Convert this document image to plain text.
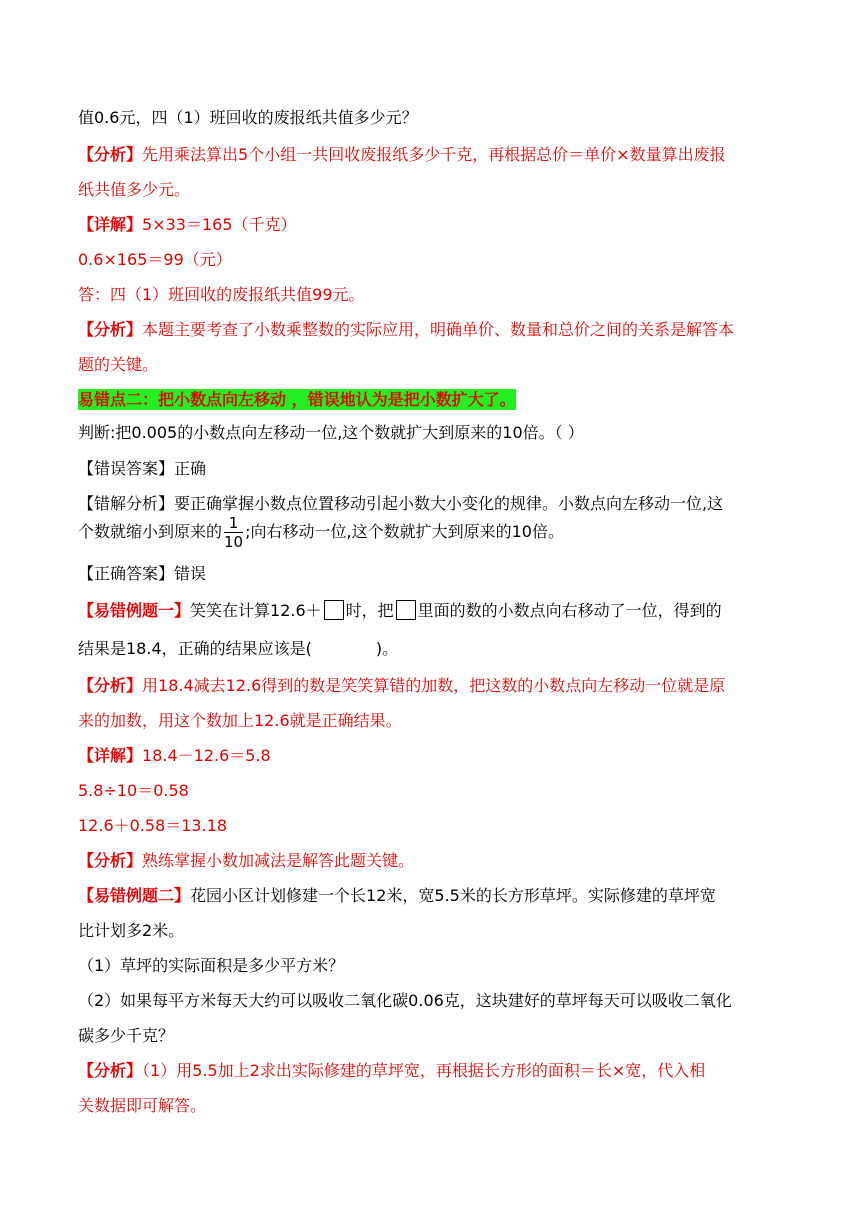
值0.6元，四（1）班回收的废报纸共值多少元？
【分析】先用乘法算出5个小组一共回收废报纸多少千克，再根据总价＝单价×数量算出废报
纸共值多少元。
【详解】5×33＝165（千克）
0.6×165＝99（元）
答：四（1）班回收的废报纸共值99元。
【分析】本题主要考查了小数乘整数的实际应用，明确单价、数量和总价之间的关系是解答本
题的关键。
易错点二：把小数点向左移动 ，错误地认为是把小数扩大了。
判断:把0.005的小数点向左移动一位,这个数就扩大到原来的10倍。（ ）
【错误答案】正确
【错解分析】要正确掌握小数点位置移动引起小数大小变化的规律。小数点向左移动一位,这
个数就缩小到原来的 $\frac{1}{10}$ ;向右移动一位,这个数就扩大到原来的10倍。
【正确答案】错误
【易错例题一】笑笑在计算12.6＋ 时，把 里面的数的小数点向右移动了一位，得到的
结果是18.4，正确的结果应该是(	)。
【分析】用18.4减去12.6得到的数是笑笑算错的加数，把这数的小数点向左移动一位就是原
来的加数，用这个数加上12.6就是正确结果。
【详解】18.4－12.6＝5.8
5.8÷10＝0.58
12.6＋0.58＝13.18
【分析】熟练掌握小数加减法是解答此题关键。
【易错例题二】花园小区计划修建一个长12米，宽5.5米的长方形草坪。实际修建的草坪宽
比计划多2米。
（1）草坪的实际面积是多少平方米？
（2）如果每平方米每天大约可以吸收二氧化碳0.06克，这块建好的草坪每天可以吸收二氧化
碳多少千克？
【分析】（1）用5.5加上2求出实际修建的草坪宽，再根据长方形的面积＝长×宽，代入相
关数据即可解答。
